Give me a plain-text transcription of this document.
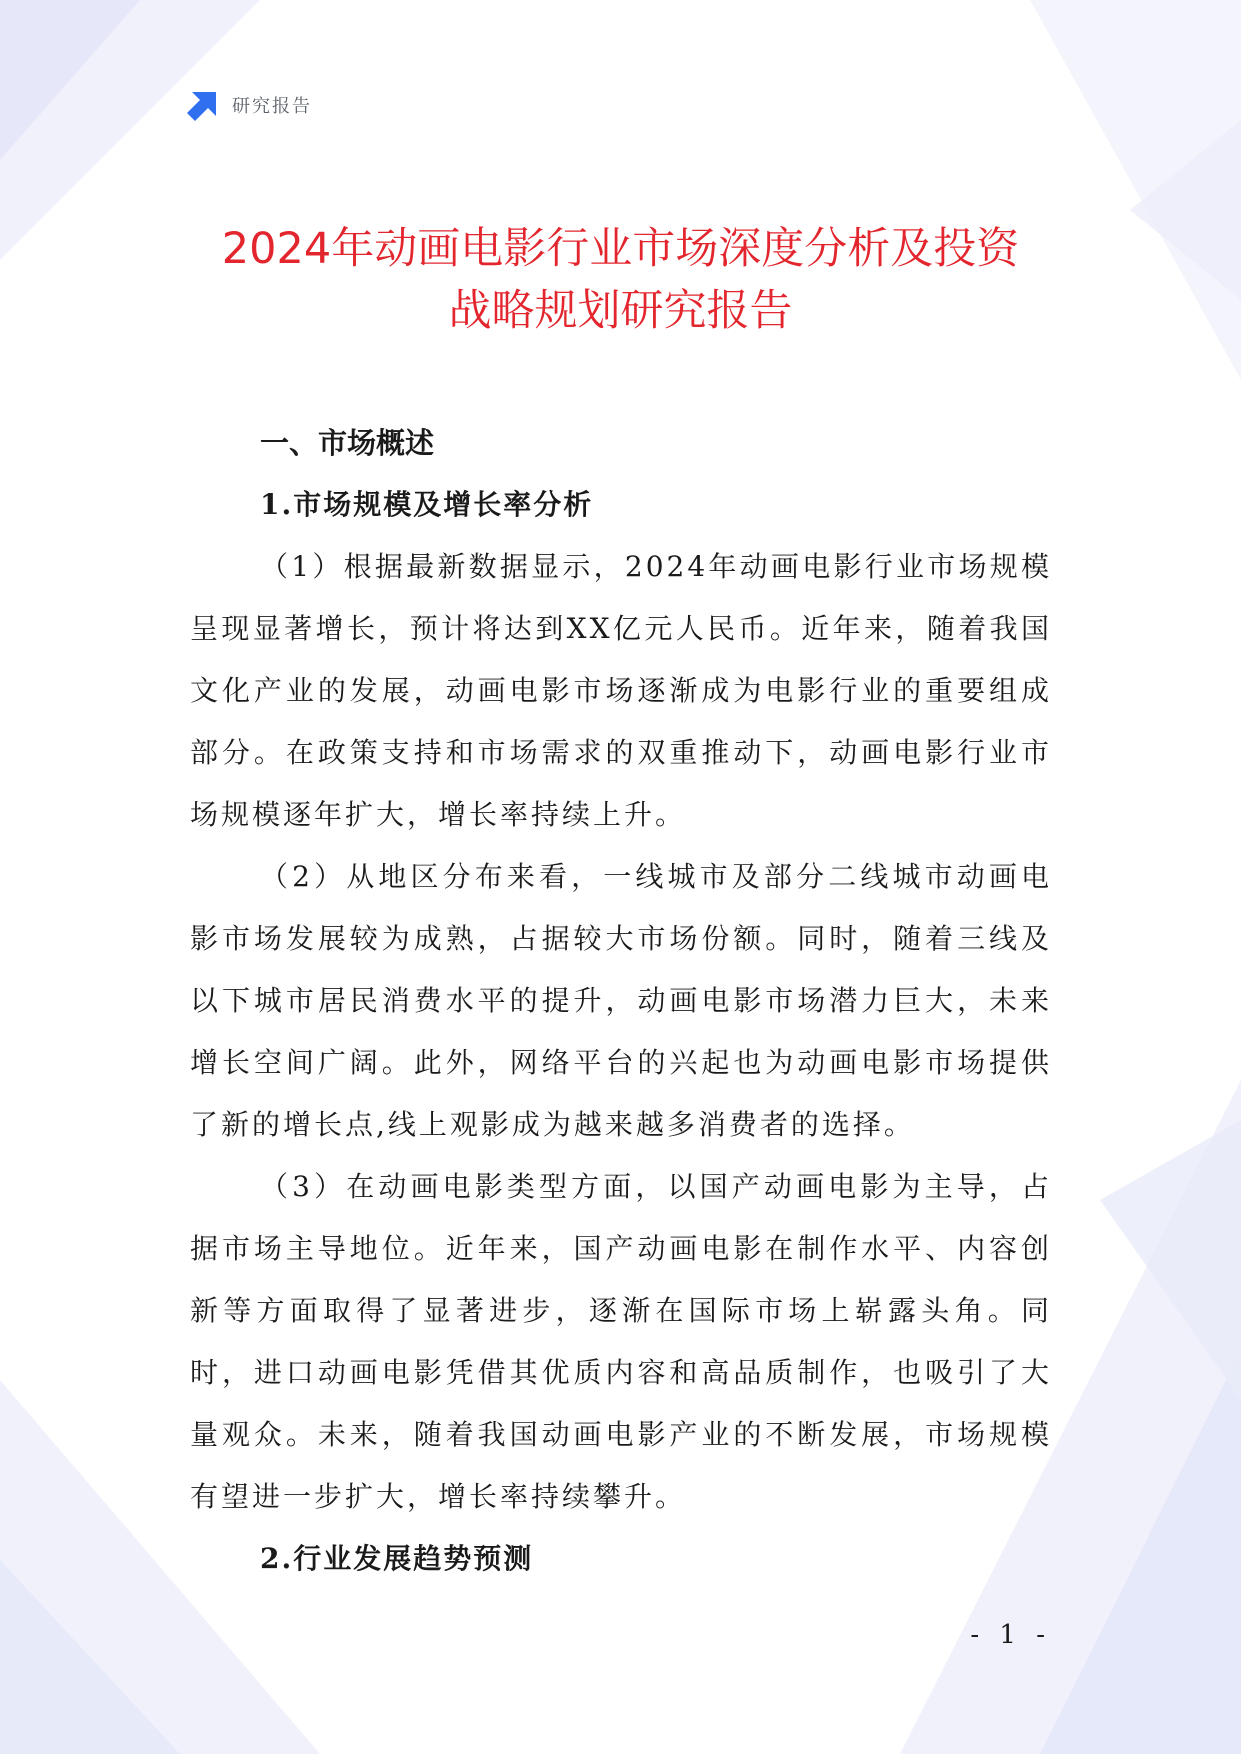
研究报告
2024年动画电影行业市场深度分析及投资
战略规划研究报告
一、市场概述
1.市场规模及增长率分析

（1）根据最新数据显示，2024年动画电影行业市场规模呈现显著增长，预计将达到XX亿元人民币。近年来，随着我国文化产业的发展，动画电影市场逐渐成为电影行业的重要组成部分。在政策支持和市场需求的双重推动下，动画电影行业市场规模逐年扩大，增长率持续上升。

（2）从地区分布来看，一线城市及部分二线城市动画电影市场发展较为成熟，占据较大市场份额。同时，随着三线及以下城市居民消费水平的提升，动画电影市场潜力巨大，未来增长空间广阔。此外，网络平台的兴起也为动画电影市场提供了新的增长点,线上观影成为越来越多消费者的选择。

（3）在动画电影类型方面，以国产动画电影为主导，占据市场主导地位。近年来，国产动画电影在制作水平、内容创新等方面取得了显著进步，逐渐在国际市场上崭露头角。同时，进口动画电影凭借其优质内容和高品质制作，也吸引了大量观众。未来，随着我国动画电影产业的不断发展，市场规模有望进一步扩大，增长率持续攀升。

2.行业发展趋势预测
- 1 -
